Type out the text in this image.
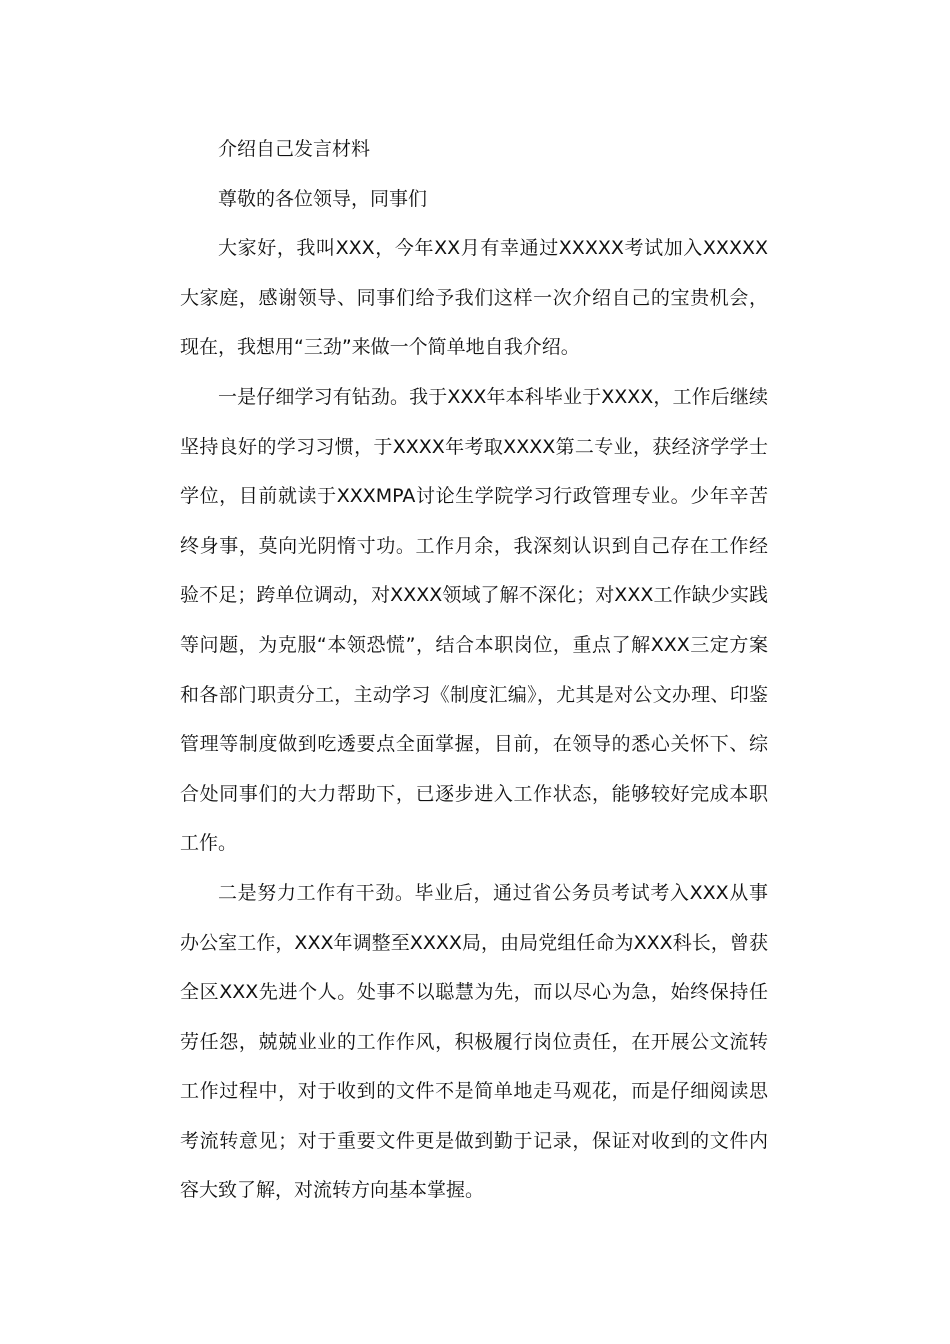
介绍自己发言材料

尊敬的各位领导，同事们

大家好，我叫XXX，今年XX月有幸通过XXXXX考试加入XXXXX大家庭，感谢领导、同事们给予我们这样一次介绍自己的宝贵机会，现在，我想用“三劲”来做一个简单地自我介绍。

一是仔细学习有钻劲。我于XXX年本科毕业于XXXX，工作后继续坚持良好的学习习惯，于XXXX年考取XXXX第二专业，获经济学学士学位，目前就读于XXXMPA讨论生学院学习行政管理专业。少年辛苦终身事，莫向光阴惰寸功。工作月余，我深刻认识到自己存在工作经验不足；跨单位调动，对XXXX领域了解不深化；对XXX工作缺少实践等问题，为克服“本领恐慌”，结合本职岗位，重点了解XXX三定方案和各部门职责分工，主动学习《制度汇编》，尤其是对公文办理、印鉴管理等制度做到吃透要点全面掌握，目前，在领导的悉心关怀下、综合处同事们的大力帮助下，已逐步进入工作状态，能够较好完成本职工作。

二是努力工作有干劲。毕业后，通过省公务员考试考入XXX从事办公室工作，XXX年调整至XXXX局，由局党组任命为XXX科长，曾获全区XXX先进个人。处事不以聪慧为先，而以尽心为急，始终保持任劳任怨，兢兢业业的工作作风，积极履行岗位责任，在开展公文流转工作过程中，对于收到的文件不是简单地走马观花，而是仔细阅读思考流转意见；对于重要文件更是做到勤于记录，保证对收到的文件内容大致了解，对流转方向基本掌握。
